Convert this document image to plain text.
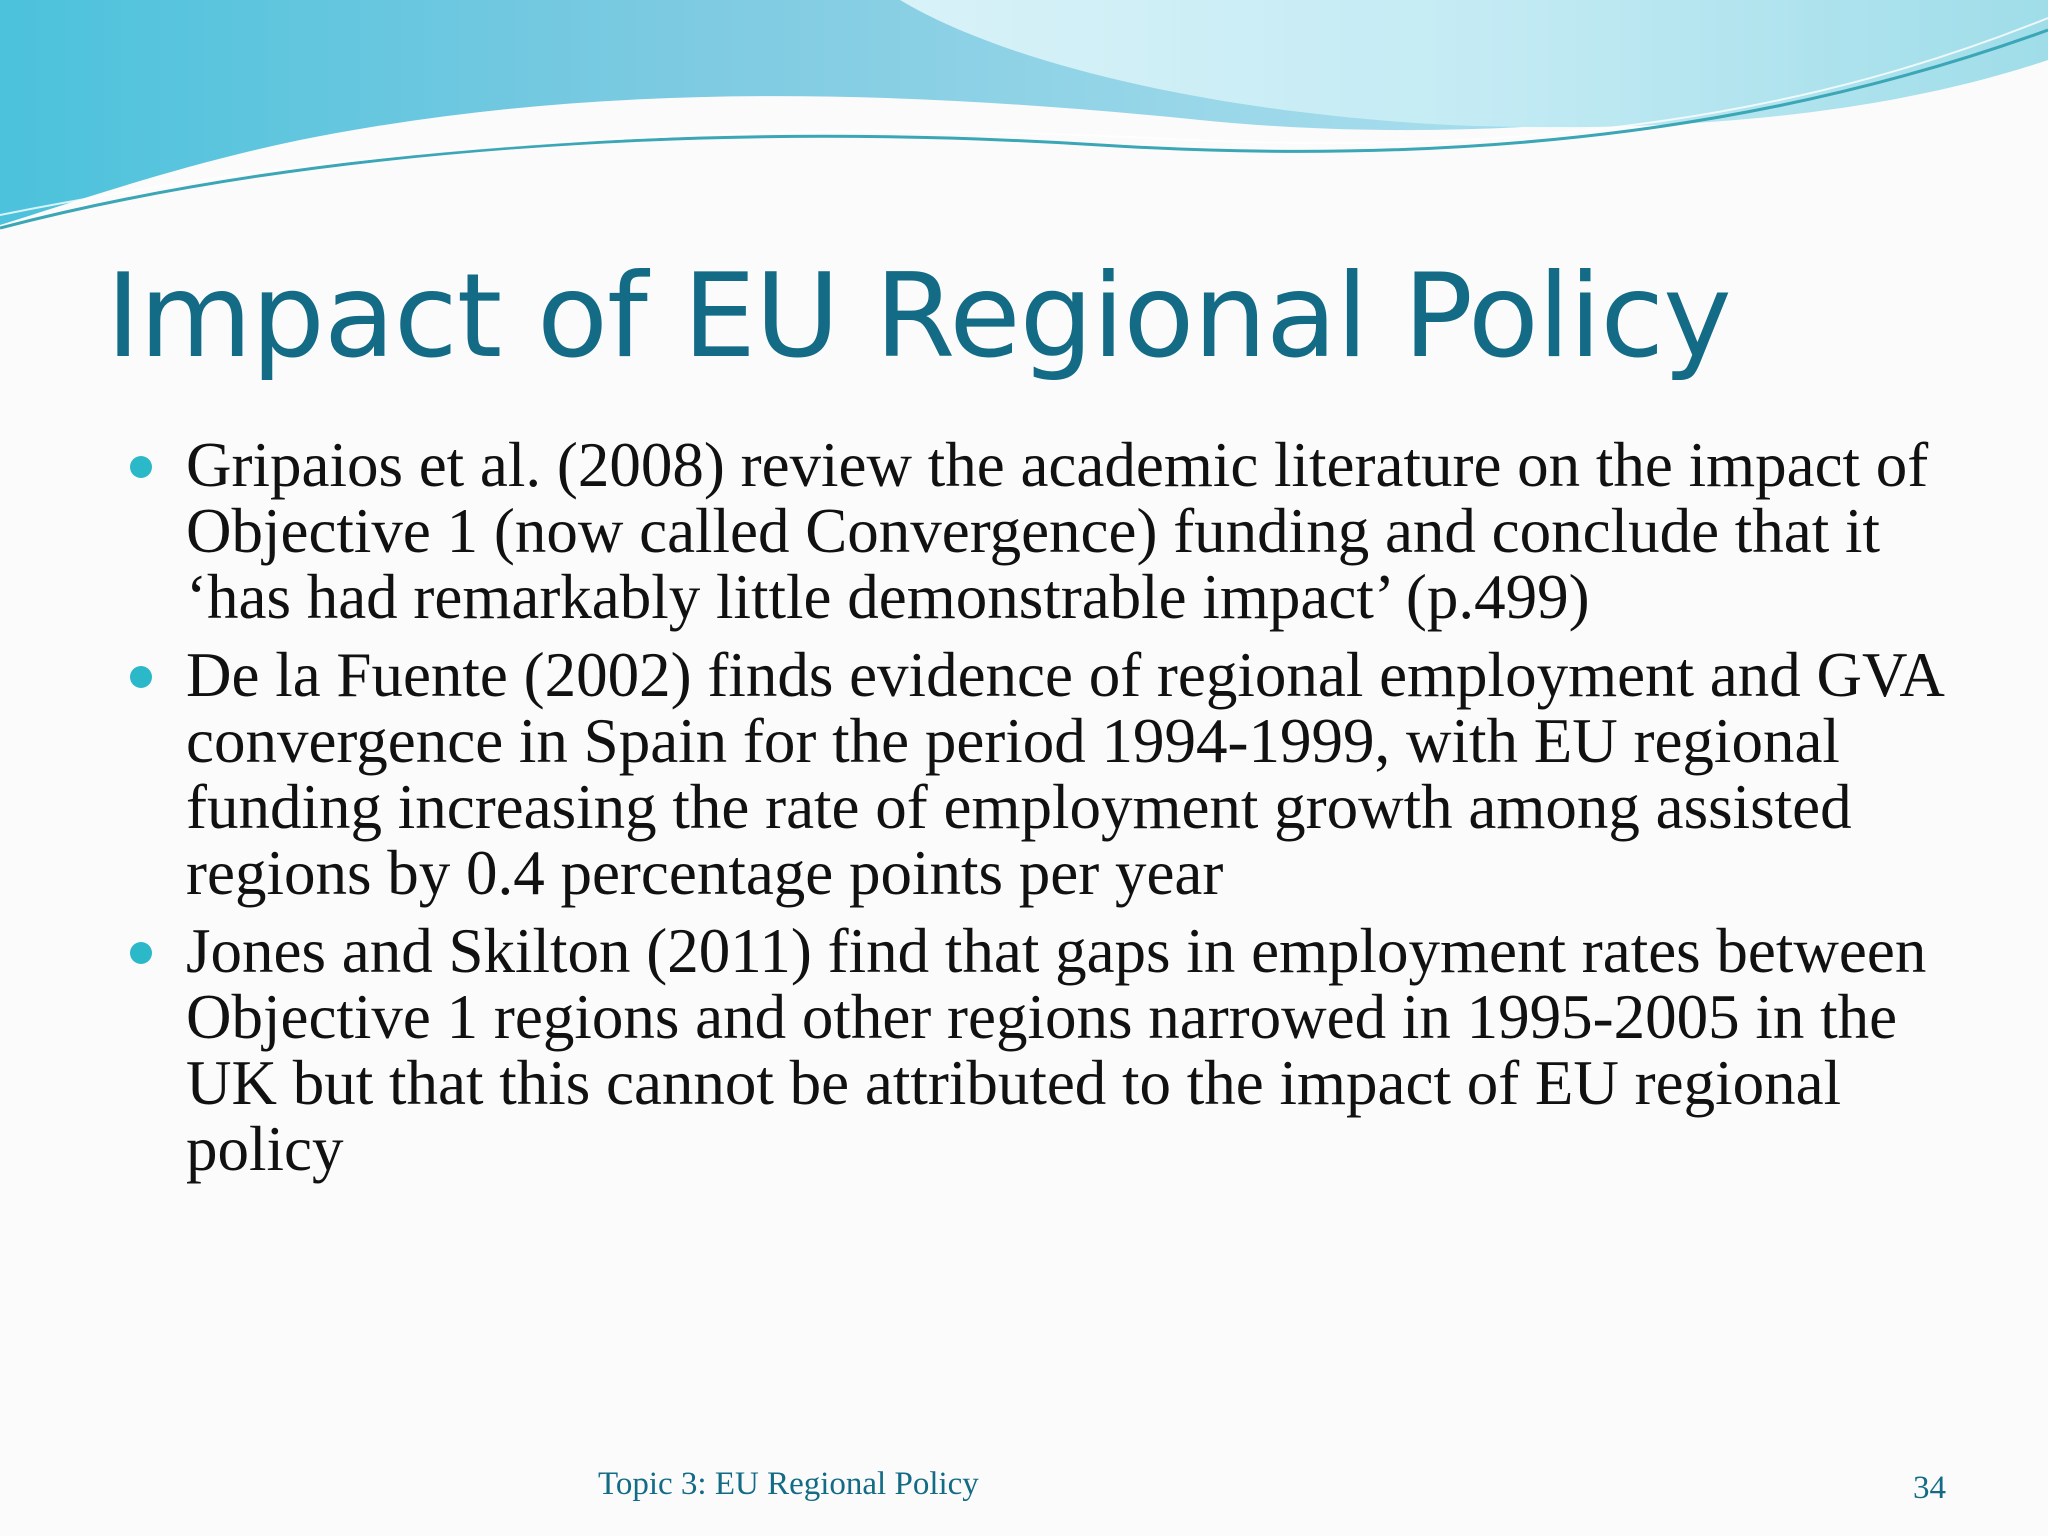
Impact of EU Regional Policy
Gripaios et al. (2008) review the academic literature on the impact of Objective 1 (now called Convergence) funding and conclude that it ‘has had remarkably little demonstrable impact’ (p.499)
De la Fuente (2002) finds evidence of regional employment and GVA convergence in Spain for the period 1994-1999, with EU regional funding increasing the rate of employment growth among assisted regions by 0.4 percentage points per year
Jones and Skilton (2011) find that gaps in employment rates between Objective 1 regions and other regions narrowed in 1995-2005 in the UK but that this cannot be attributed to the impact of EU regional policy
Topic 3: EU Regional Policy	34
